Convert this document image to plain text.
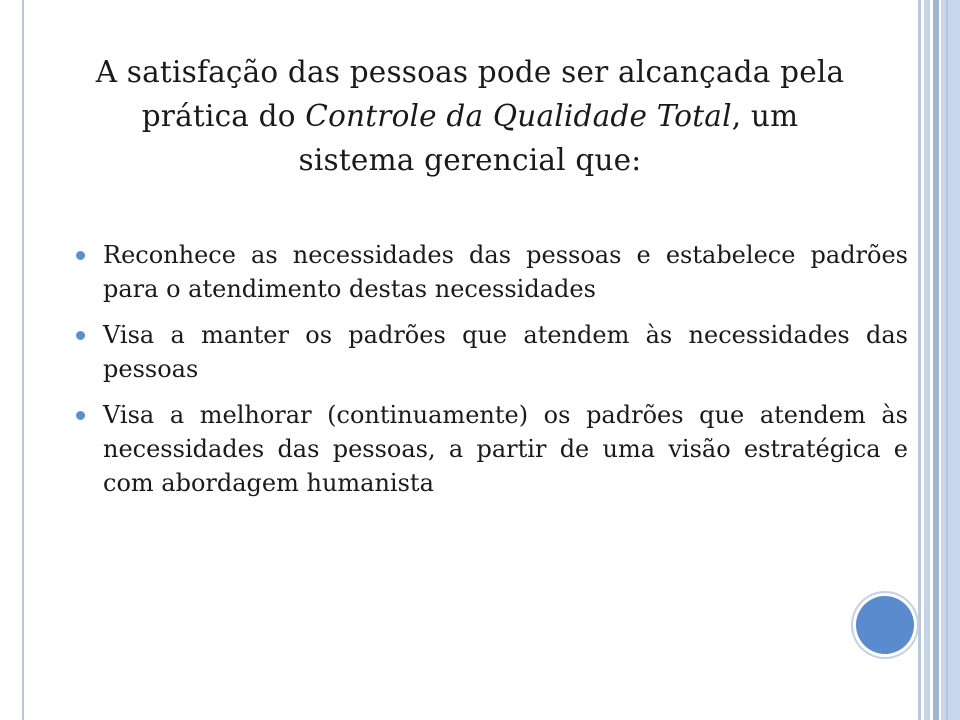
A satisfação das pessoas pode ser alcançada pela
prática do Controle da Qualidade Total, um
sistema gerencial que:
Reconhece as necessidades das pessoas e estabelece padrões para o atendimento destas necessidades
Visa a manter os padrões que atendem às necessidades das pessoas
Visa a melhorar (continuamente) os padrões que atendem às necessidades das pessoas, a partir de uma visão estratégica e com abordagem humanista
